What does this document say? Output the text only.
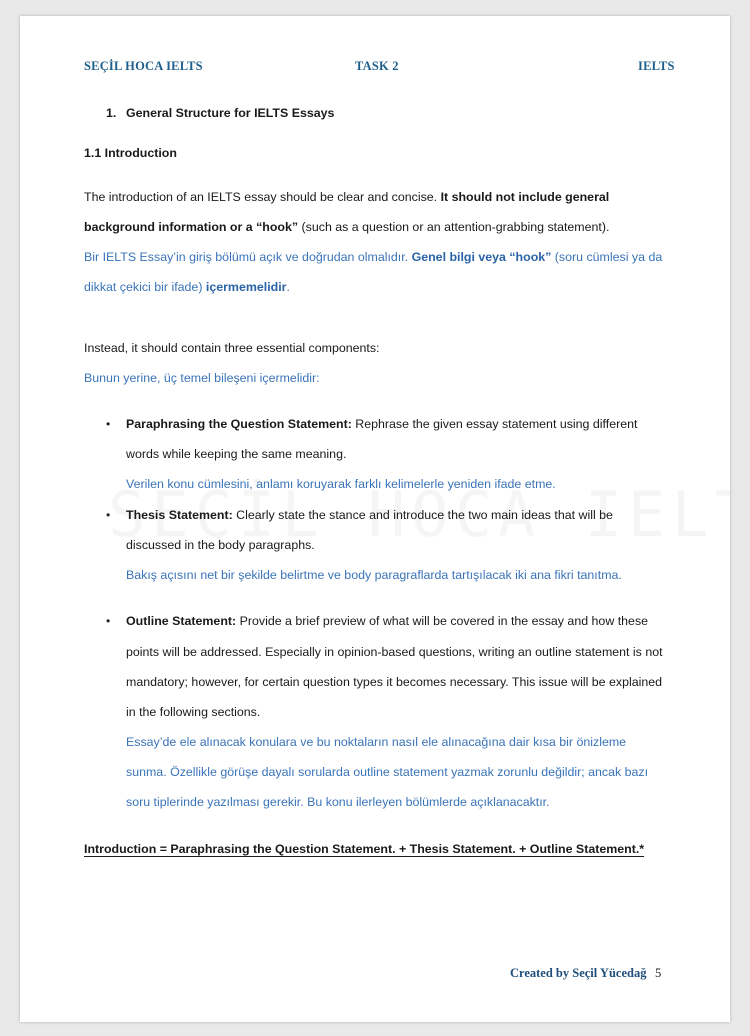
SEÇİL HOCA IELTS	TASK 2	IELTS
1. General Structure for IELTS Essays
1.1 Introduction
The introduction of an IELTS essay should be clear and concise. It should not include general
background information or a “hook” (such as a question or an attention-grabbing statement).
Bir IELTS Essay’in giriş bölümü açık ve doğrudan olmalıdır. Genel bilgi veya “hook” (soru cümlesi ya da
dikkat çekici bir ifade) içermemelidir.
Instead, it should contain three essential components:
Bunun yerine, üç temel bileşeni içermelidir:
• Paraphrasing the Question Statement: Rephrase the given essay statement using different
words while keeping the same meaning.
Verilen konu cümlesini, anlamı koruyarak farklı kelimelerle yeniden ifade etme.
• Thesis Statement: Clearly state the stance and introduce the two main ideas that will be
discussed in the body paragraphs.
Bakış açısını net bir şekilde belirtme ve body paragraflarda tartışılacak iki ana fikri tanıtma.
• Outline Statement: Provide a brief preview of what will be covered in the essay and how these
points will be addressed. Especially in opinion-based questions, writing an outline statement is not
mandatory; however, for certain question types it becomes necessary. This issue will be explained
in the following sections.
Essay’de ele alınacak konulara ve bu noktaların nasıl ele alınacağına dair kısa bir önizleme
sunma. Özellikle görüşe dayalı sorularda outline statement yazmak zorunlu değildir; ancak bazı
soru tiplerinde yazılması gerekir. Bu konu ilerleyen bölümlerde açıklanacaktır.
Introduction = Paraphrasing the Question Statement. + Thesis Statement. + Outline Statement.*
Created by Seçil Yücedağ 5
